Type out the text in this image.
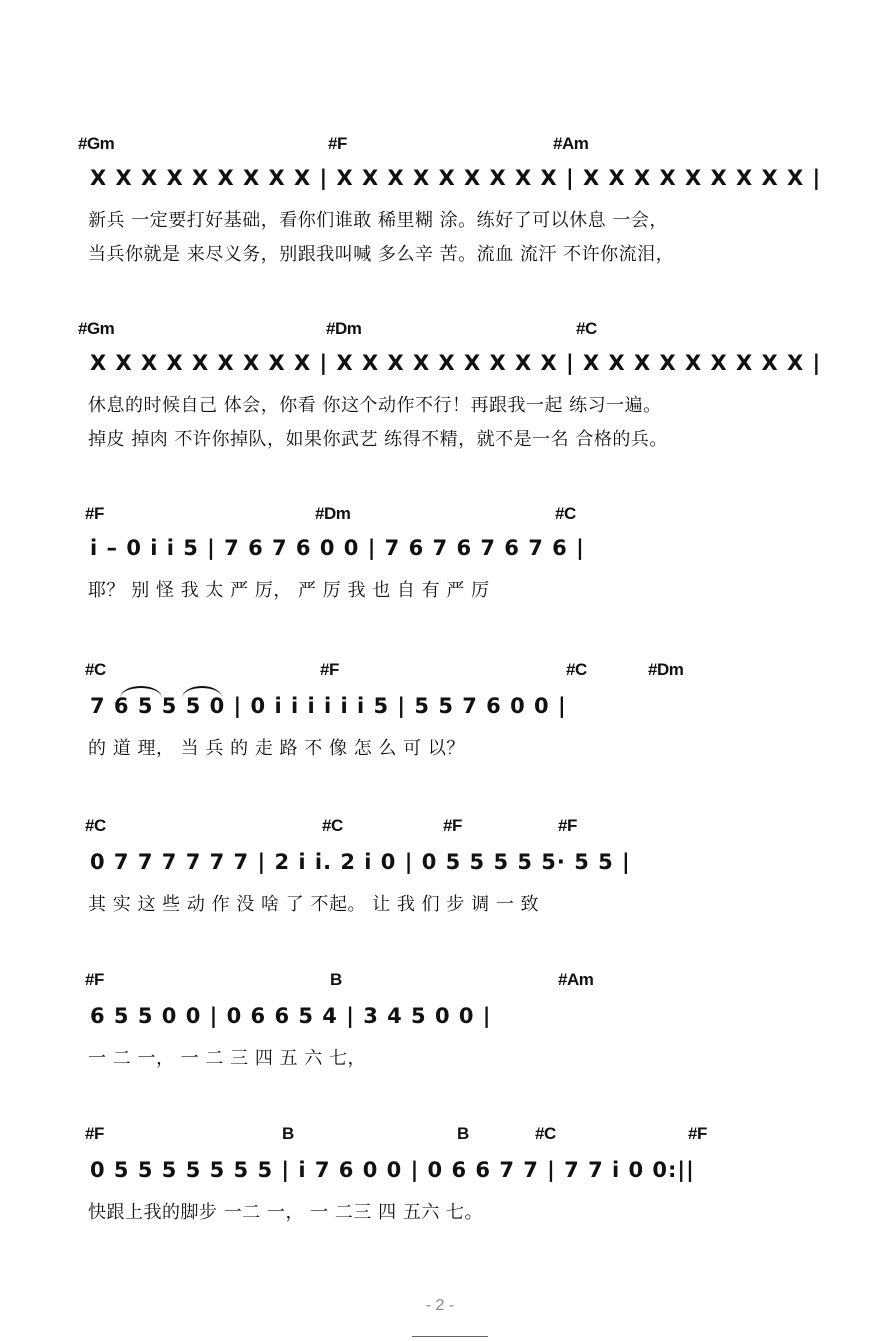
#Gm	#F	#Am
X X X X X X X X X | X X X X X X X X X | X X X X X X X X X |
新兵 一定要打好基础，看你们谁敢 稀里糊 涂。练好了可以休息 一会，
当兵你就是 来尽义务，别跟我叫喊 多么辛 苦。流血 流汗 不许你流泪，
#Gm	#Dm	#C
X X X X X X X X X | X X X X X X X X X | X X X X X X X X X |
休息的时候自己 体会，你看 你这个动作不行！再跟我一起 练习一遍。
掉皮 掉肉 不许你掉队，如果你武艺 练得不精，就不是一名 合格的兵。
#F	#Dm	#C
i – 0 i i 5 | 7 6 7 6 0 0 | 7 6 7 6 7 6 7 6 |
耶？ 别 怪 我 太 严 厉， 严 厉 我 也 自 有 严 厉
#C	#F	#C	#Dm
7 6 5 5 5 0 | 0 i i i i i i 5 | 5 5 7 6 0 0 |
的 道 理， 当 兵 的 走 路 不 像 怎 么 可 以？
#C	#C	#F	#F
0 7 7 7 7 7 7 | 2 i i. 2 i 0 | 0 5 5 5 5 5· 5 5 |
其 实 这 些 动 作 没 啥 了 不起。 让 我 们 步 调 一 致
#F	B	#Am
6 5 5 0 0 | 0 6 6 5 4 | 3 4 5 0 0 |
一 二 一， 一 二 三 四 五 六 七，
#F	B	B	#C	#F
0 5 5 5 5 5 5 5 | i 7 6 0 0 | 0 6 6 7 7 | 7 7 i 0 0:||
快跟上我的脚步 一二 一， 一 二三 四 五六 七。
- 2 -
